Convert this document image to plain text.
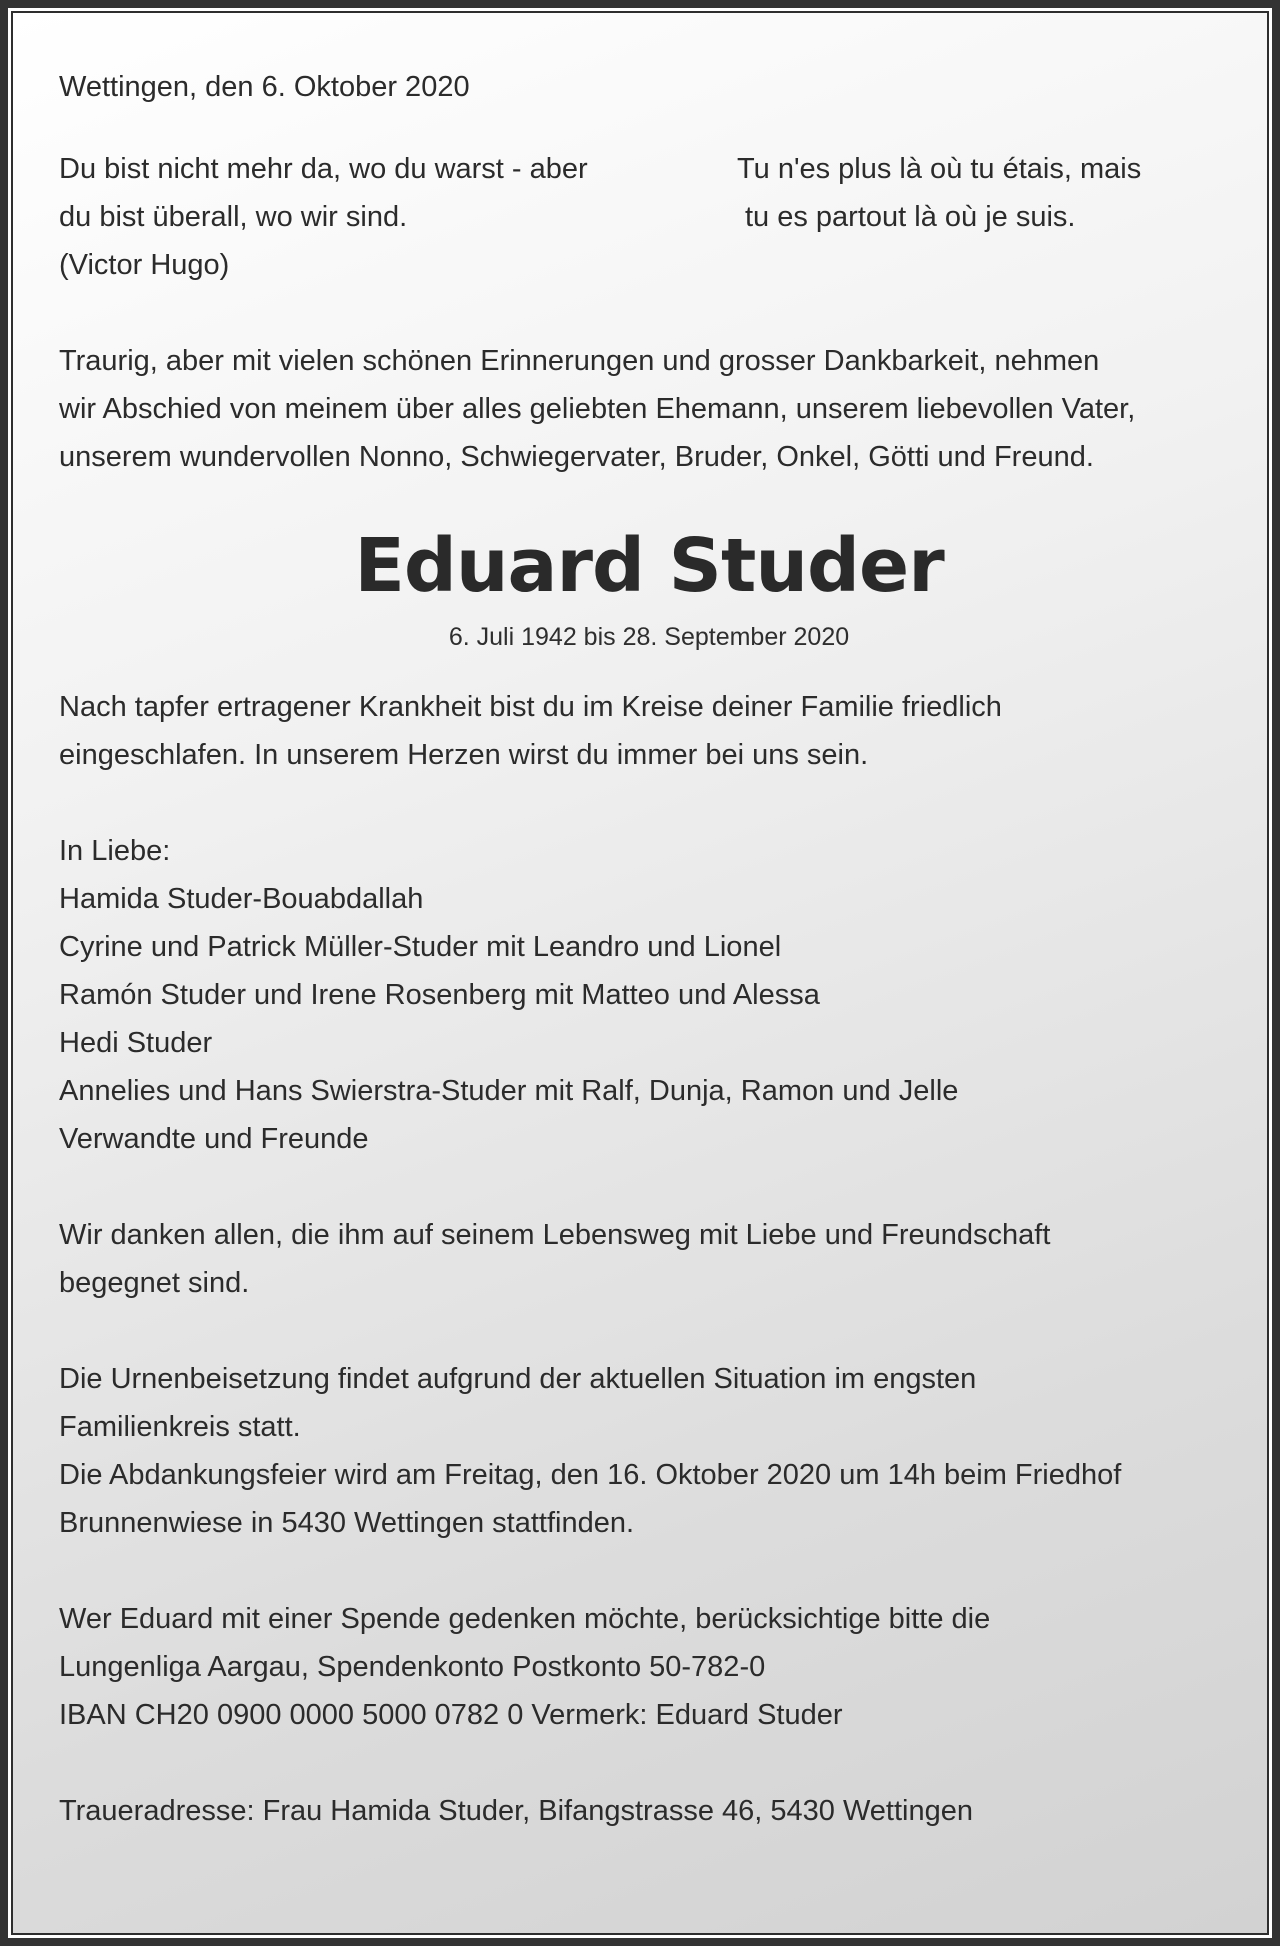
Wettingen, den 6. Oktober 2020
Du bist nicht mehr da, wo du warst - aber
du bist überall, wo wir sind.
(Victor Hugo)
Tu n'es plus là où tu étais, mais
tu es partout là où je suis.
Traurig, aber mit vielen schönen Erinnerungen und grosser Dankbarkeit, nehmen
wir Abschied von meinem über alles geliebten Ehemann, unserem liebevollen Vater,
unserem wundervollen Nonno, Schwiegervater, Bruder, Onkel, Götti und Freund.
Eduard Studer
6. Juli 1942 bis 28. September 2020
Nach tapfer ertragener Krankheit bist du im Kreise deiner Familie friedlich
eingeschlafen. In unserem Herzen wirst du immer bei uns sein.
In Liebe:
Hamida Studer-Bouabdallah
Cyrine und Patrick Müller-Studer mit Leandro und Lionel
Ramón Studer und Irene Rosenberg mit Matteo und Alessa
Hedi Studer
Annelies und Hans Swierstra-Studer mit Ralf, Dunja, Ramon und Jelle
Verwandte und Freunde
Wir danken allen, die ihm auf seinem Lebensweg mit Liebe und Freundschaft
begegnet sind.
Die Urnenbeisetzung findet aufgrund der aktuellen Situation im engsten
Familienkreis statt.
Die Abdankungsfeier wird am Freitag, den 16. Oktober 2020 um 14h beim Friedhof
Brunnenwiese in 5430 Wettingen stattfinden.
Wer Eduard mit einer Spende gedenken möchte, berücksichtige bitte die
Lungenliga Aargau, Spendenkonto Postkonto 50-782-0
IBAN CH20 0900 0000 5000 0782 0 Vermerk: Eduard Studer
Traueradresse: Frau Hamida Studer, Bifangstrasse 46, 5430 Wettingen
